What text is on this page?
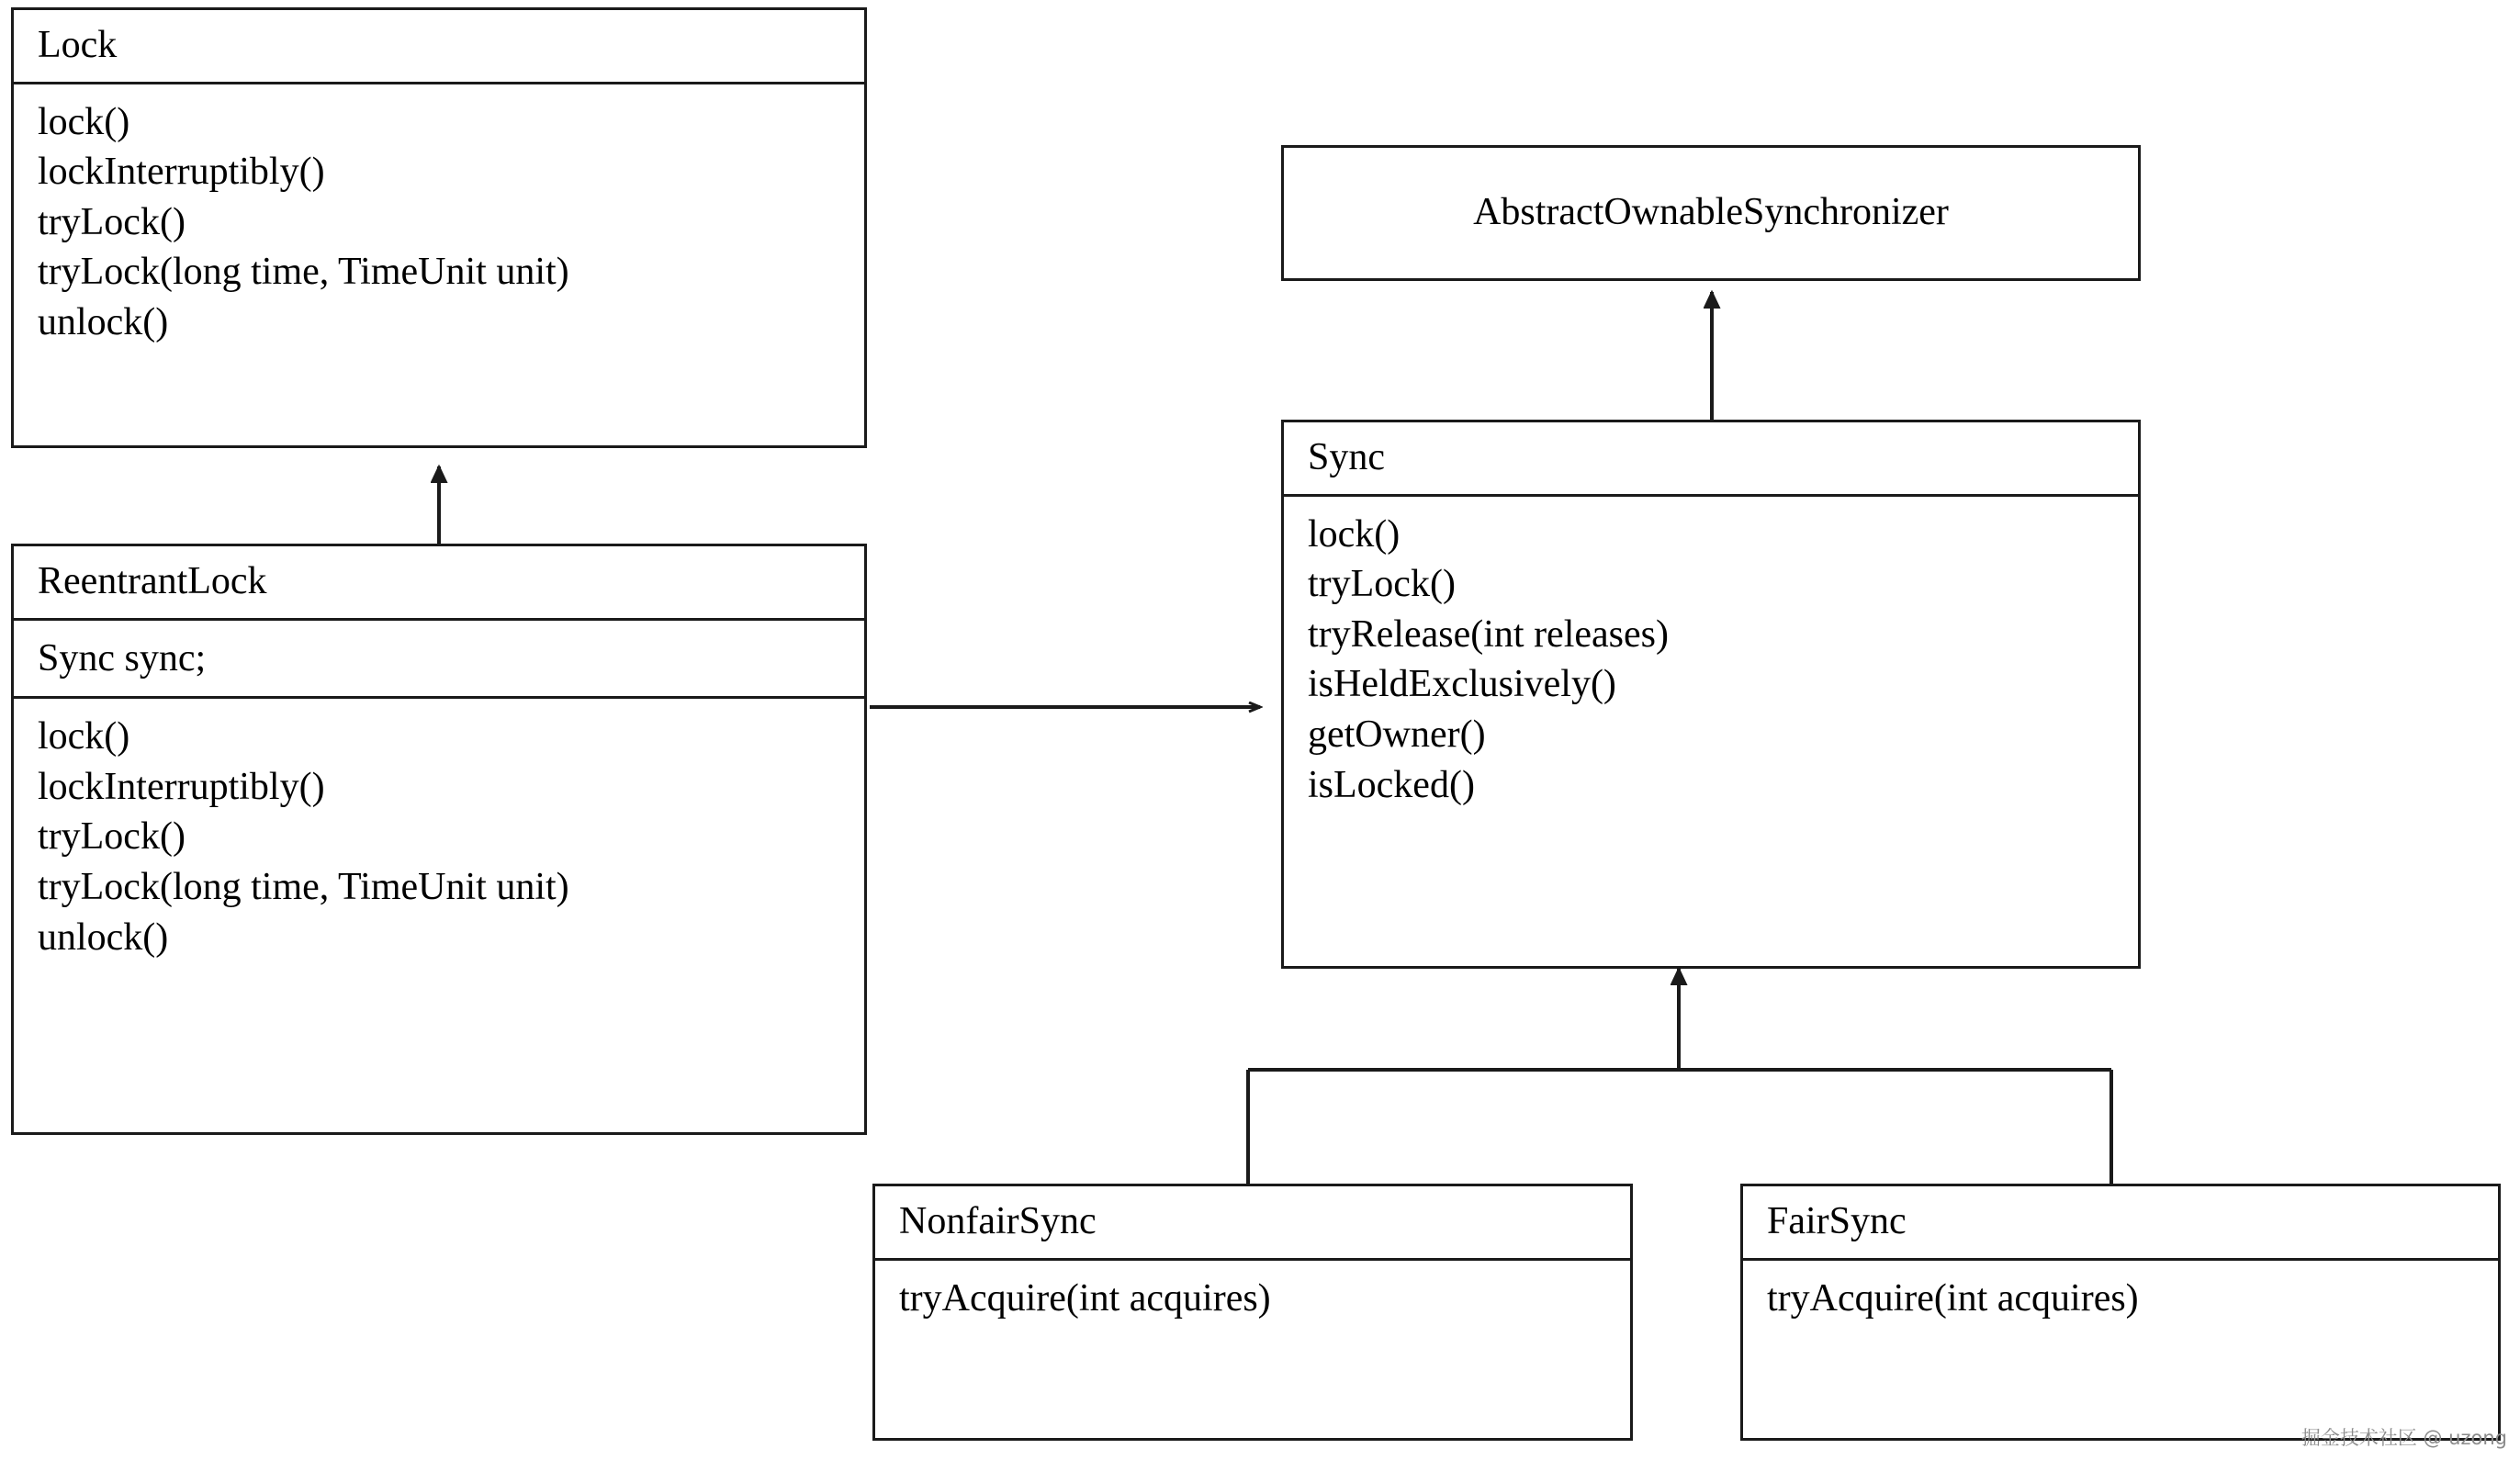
Lock
lock()
lockInterruptibly()
tryLock()
tryLock(long time, TimeUnit unit)
unlock()
ReentrantLock
Sync sync;
lock()
lockInterruptibly()
tryLock()
tryLock(long time, TimeUnit unit)
unlock()
AbstractOwnableSynchronizer
Sync
lock()
tryLock()
tryRelease(int releases)
isHeldExclusively()
getOwner()
isLocked()
NonfairSync
tryAcquire(int acquires)
FairSync
tryAcquire(int acquires)
掘金技术社区 @ uzong
